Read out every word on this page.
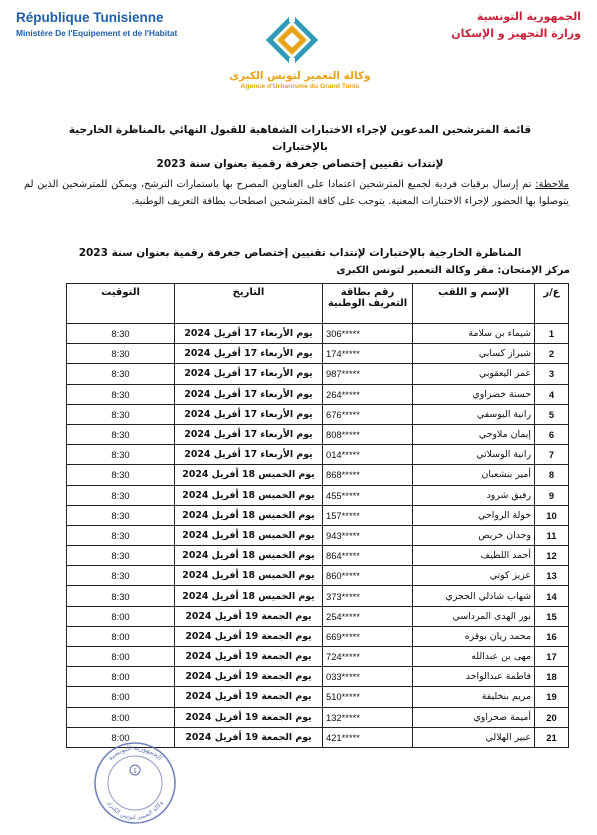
République Tunisienne
Ministère De l'Equipement et de l'Habitat
الجمهورية التونسية
وزارة التجهيز و الإسكان
وكالة التعمير لتونس الكبرى
Agence d'Urbanisme du Grand Tunis
قائمة المترشحين المدعوين لإجراء الاختبارات الشفاهية للقبول النهائي بالمناظرة الخارجية بالإختبارات
لإنتداب تقنيين إختصاص جغرفة رقمية بعنوان سنة 2023
ملاحظة: تم إرسال برقيات فردية لجميع المترشحين اعتمادا على العناوين المصرح بها باستمارات الترشح، ويمكن للمترشحين الذين لم يتوصلوا بها الحضور لإجراء الاختبارات المعنية. يتوجب على كافة المترشحين اصطحاب بطاقة التعريف الوطنية.
المناظرة الخارجية بالإختبارات لإنتداب تقنيين إختصاص جغرفة رقمية بعنوان سنة 2023
مركز الإمتحان: مقر وكالة التعمير لتونس الكبرى
ع/ر	الإسم و اللقب	رقم بطاقة التعريف الوطنية	التاريخ	التوقيت
1	شيماء بن سلامة	306*****	يوم الأربعاء 17 أفريل 2024	8:30
2	شيراز كسابي	174*****	يوم الأربعاء 17 أفريل 2024	8:30
3	عمر اليعقوبي	987*****	يوم الأربعاء 17 أفريل 2024	8:30
4	حسنة خضراوي	264*****	يوم الأربعاء 17 أفريل 2024	8:30
5	رانية اليوسفي	676*****	يوم الأربعاء 17 أفريل 2024	8:30
6	إيمان ملاوحي	808*****	يوم الأربعاء 17 أفريل 2024	8:30
7	رانية الوسلاتي	014*****	يوم الأربعاء 17 أفريل 2024	8:30
8	أمير بنشعبان	868*****	يوم الخميس 18 أفريل 2024	8:30
9	رفيق شرود	455*****	يوم الخميس 18 أفريل 2024	8:30
10	خولة الرواحي	157*****	يوم الخميس 18 أفريل 2024	8:30
11	وجدان خريص	943*****	يوم الخميس 18 أفريل 2024	8:30
12	أحمد اللطيف	864*****	يوم الخميس 18 أفريل 2024	8:30
13	عزيز كوتي	860*****	يوم الخميس 18 أفريل 2024	8:30
14	شهاب شاذلي الحجري	373*****	يوم الخميس 18 أفريل 2024	8:30
15	نور الهدى المرداسي	254*****	يوم الجمعة 19 أفريل 2024	8:00
16	محمد ريان بوقره	669*****	يوم الجمعة 19 أفريل 2024	8:00
17	مهى بن عبدالله	724*****	يوم الجمعة 19 أفريل 2024	8:00
18	فاطمة عبدالواحد	033*****	يوم الجمعة 19 أفريل 2024	8:00
19	مريم بنخليفة	510*****	يوم الجمعة 19 أفريل 2024	8:00
20	أميمة صحراوي	132*****	يوم الجمعة 19 أفريل 2024	8:00
21	عبير الهلالي	421*****	يوم الجمعة 19 أفريل 2024	8:00
الجمهورية التونسية
وكالة التعمير لتونس الكبرى
1
